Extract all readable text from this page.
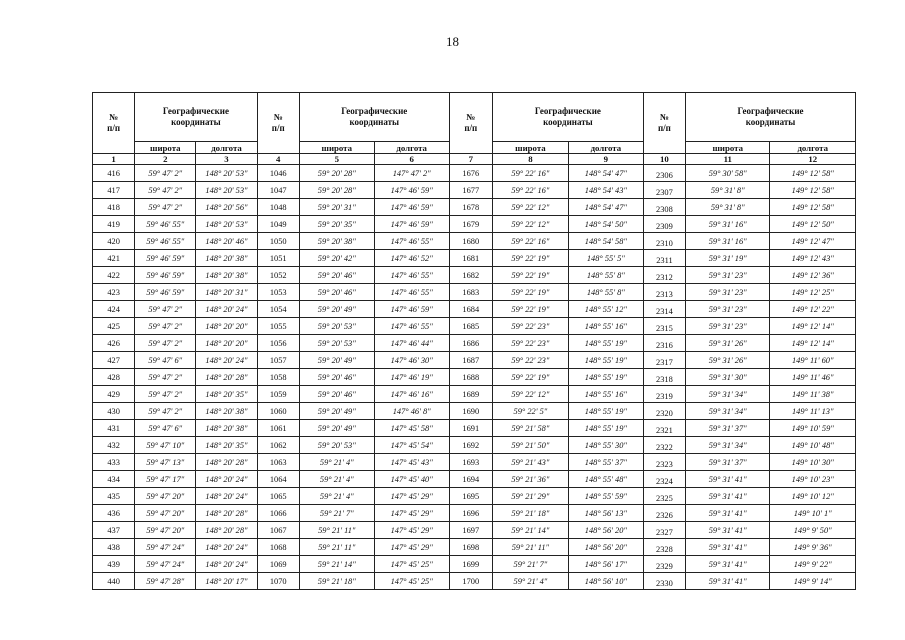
18
№
п/п	Географические
координаты		№
п/п	Географические
координаты		№
п/п	Географические
координаты		№
п/п	Географические
координаты	
	широта	долгота		широта	долгота		широта	долгота		широта	долгота
1	2	3	4	5	6	7	8	9	10	11	12
416	59° 47' 2"	148° 20' 53"	1046	59° 20' 28"	147° 47' 2"	1676	59° 22' 16"	148° 54' 47"	2306	59° 30' 58"	149° 12' 58"
417	59° 47' 2"	148° 20' 53"	1047	59° 20' 28"	147° 46' 59"	1677	59° 22' 16"	148° 54' 43"	2307	59° 31' 8"	149° 12' 58"
418	59° 47' 2"	148° 20' 56"	1048	59° 20' 31"	147° 46' 59"	1678	59° 22' 12"	148° 54' 47"	2308	59° 31' 8"	149° 12' 58"
419	59° 46' 55"	148° 20' 53"	1049	59° 20' 35"	147° 46' 59"	1679	59° 22' 12"	148° 54' 50"	2309	59° 31' 16"	149° 12' 50"
420	59° 46' 55"	148° 20' 46"	1050	59° 20' 38"	147° 46' 55"	1680	59° 22' 16"	148° 54' 58"	2310	59° 31' 16"	149° 12' 47"
421	59° 46' 59"	148° 20' 38"	1051	59° 20' 42"	147° 46' 52"	1681	59° 22' 19"	148° 55' 5"	2311	59° 31' 19"	149° 12' 43"
422	59° 46' 59"	148° 20' 38"	1052	59° 20' 46"	147° 46' 55"	1682	59° 22' 19"	148° 55' 8"	2312	59° 31' 23"	149° 12' 36"
423	59° 46' 59"	148° 20' 31"	1053	59° 20' 46"	147° 46' 55"	1683	59° 22' 19"	148° 55' 8"	2313	59° 31' 23"	149° 12' 25"
424	59° 47' 2"	148° 20' 24"	1054	59° 20' 49"	147° 46' 59"	1684	59° 22' 19"	148° 55' 12"	2314	59° 31' 23"	149° 12' 22"
425	59° 47' 2"	148° 20' 20"	1055	59° 20' 53"	147° 46' 55"	1685	59° 22' 23"	148° 55' 16"	2315	59° 31' 23"	149° 12' 14"
426	59° 47' 2"	148° 20' 20"	1056	59° 20' 53"	147° 46' 44"	1686	59° 22' 23"	148° 55' 19"	2316	59° 31' 26"	149° 12' 14"
427	59° 47' 6"	148° 20' 24"	1057	59° 20' 49"	147° 46' 30"	1687	59° 22' 23"	148° 55' 19"	2317	59° 31' 26"	149° 11' 60"
428	59° 47' 2"	148° 20' 28"	1058	59° 20' 46"	147° 46' 19"	1688	59° 22' 19"	148° 55' 19"	2318	59° 31' 30"	149° 11' 46"
429	59° 47' 2"	148° 20' 35"	1059	59° 20' 46"	147° 46' 16"	1689	59° 22' 12"	148° 55' 16"	2319	59° 31' 34"	149° 11' 38"
430	59° 47' 2"	148° 20' 38"	1060	59° 20' 49"	147° 46' 8"	1690	59° 22' 5"	148° 55' 19"	2320	59° 31' 34"	149° 11' 13"
431	59° 47' 6"	148° 20' 38"	1061	59° 20' 49"	147° 45' 58"	1691	59° 21' 58"	148° 55' 19"	2321	59° 31' 37"	149° 10' 59"
432	59° 47' 10"	148° 20' 35"	1062	59° 20' 53"	147° 45' 54"	1692	59° 21' 50"	148° 55' 30"	2322	59° 31' 34"	149° 10' 48"
433	59° 47' 13"	148° 20' 28"	1063	59° 21' 4"	147° 45' 43"	1693	59° 21' 43"	148° 55' 37"	2323	59° 31' 37"	149° 10' 30"
434	59° 47' 17"	148° 20' 24"	1064	59° 21' 4"	147° 45' 40"	1694	59° 21' 36"	148° 55' 48"	2324	59° 31' 41"	149° 10' 23"
435	59° 47' 20"	148° 20' 24"	1065	59° 21' 4"	147° 45' 29"	1695	59° 21' 29"	148° 55' 59"	2325	59° 31' 41"	149° 10' 12"
436	59° 47' 20"	148° 20' 28"	1066	59° 21' 7"	147° 45' 29"	1696	59° 21' 18"	148° 56' 13"	2326	59° 31' 41"	149° 10' 1"
437	59° 47' 20"	148° 20' 28"	1067	59° 21' 11"	147° 45' 29"	1697	59° 21' 14"	148° 56' 20"	2327	59° 31' 41"	149° 9' 50"
438	59° 47' 24"	148° 20' 24"	1068	59° 21' 11"	147° 45' 29"	1698	59° 21' 11"	148° 56' 20"	2328	59° 31' 41"	149° 9' 36"
439	59° 47' 24"	148° 20' 24"	1069	59° 21' 14"	147° 45' 25"	1699	59° 21' 7"	148° 56' 17"	2329	59° 31' 41"	149° 9' 22"
440	59° 47' 28"	148° 20' 17"	1070	59° 21' 18"	147° 45' 25"	1700	59° 21' 4"	148° 56' 10"	2330	59° 31' 41"	149° 9' 14"
